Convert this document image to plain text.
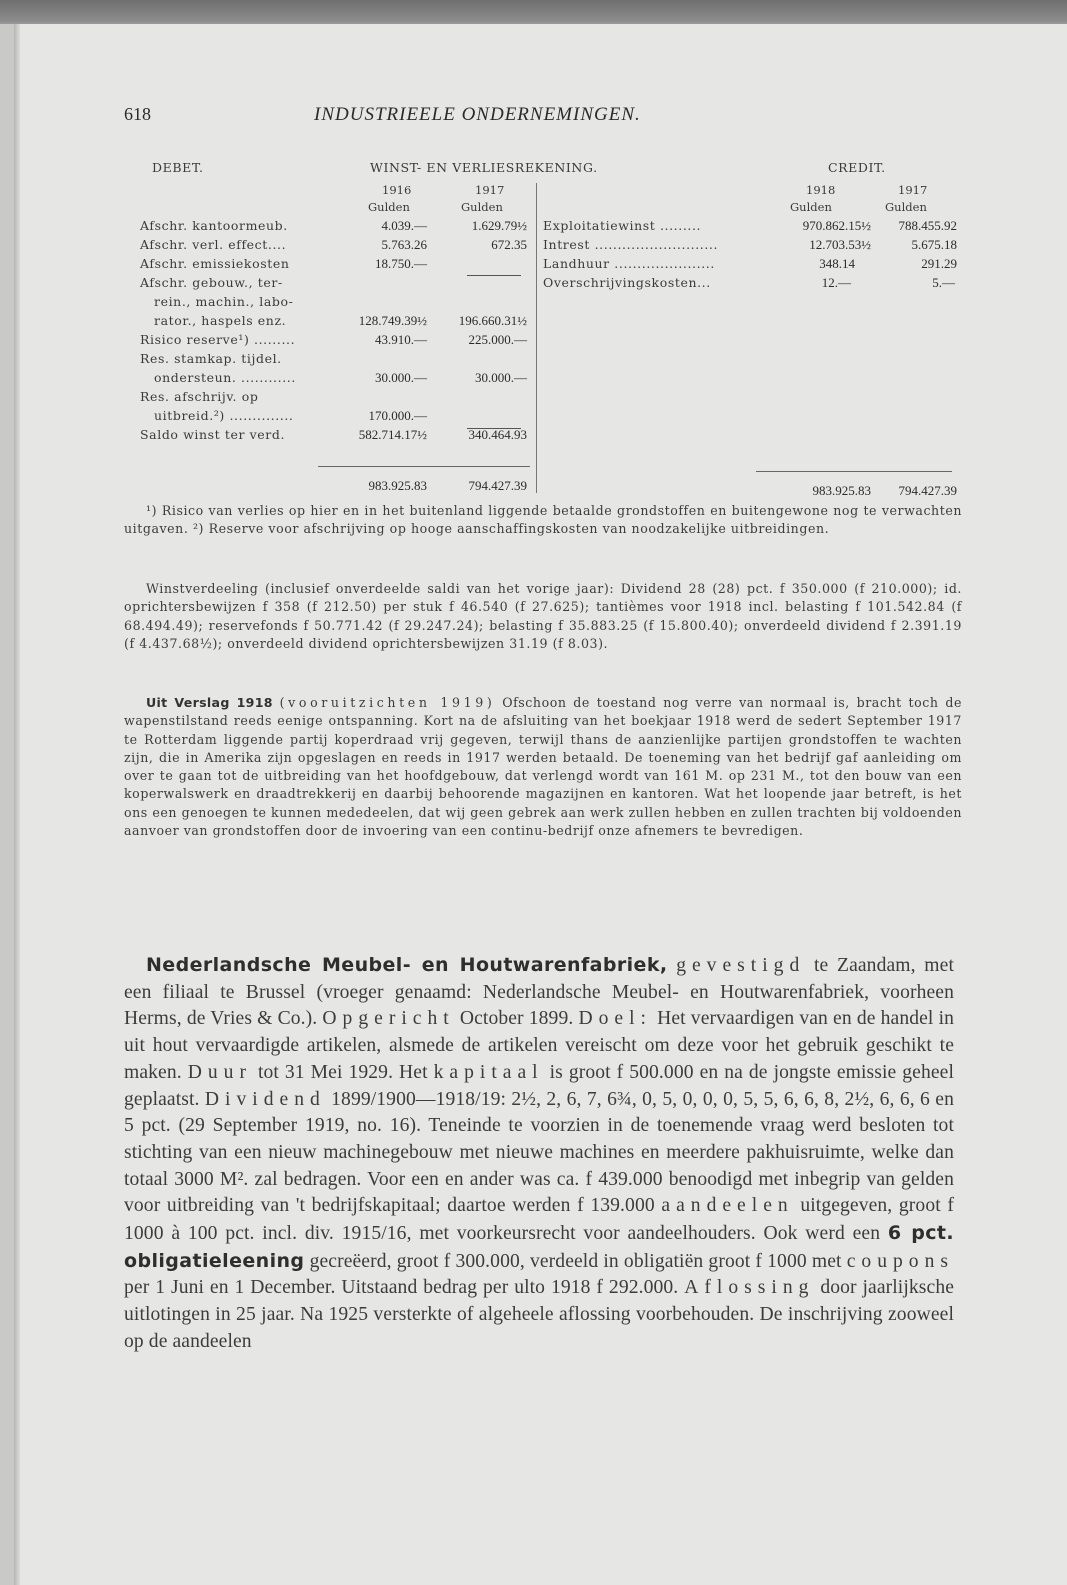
618	INDUSTRIEELE ONDERNEMINGEN.
DEBET.	WINST- EN VERLIESREKENING.	CREDIT.
1916	1917
Gulden	Gulden
1918	1917
Gulden	Gulden
Afschr. kantoormeub.	4.039.—	1.629.79½
Afschr. verl. effect....	5.763.26	672.35
Afschr. emissiekosten	18.750.—
Afschr. gebouw., ter-
rein., machin., labo-
rator., haspels enz.	128.749.39½ 196.660.31½
Risico reserve¹) .........	43.910.—	225.000.—
Res. stamkap. tijdel.
ondersteun. ............	30.000.—	30.000.—
Res. afschrijv. op
uitbreid.²) ..............	170.000.—
Saldo winst ter verd.	582.714.17½	340.464.93
983.925.83	794.427.39
Exploitatiewinst .........	970.862.15½ 788.455.92
Intrest ...........................	12.703.53½	5.675.18
Landhuur ......................	348.14	291.29
Overschrijvingskosten...	12.—	5.—
983.925.83 794.427.39

¹) Risico van verlies op hier en in het buitenland liggende betaalde grondstoffen en buitengewone nog te verwachten uitgaven. ²) Reserve voor afschrijving op hooge aanschaffingskosten van noodzakelijke uitbreidingen.

Winstverdeeling (inclusief onverdeelde saldi van het vorige jaar): Dividend 28 (28) pct. f 350.000 (f 210.000); id. oprichtersbewijzen f 358 (f 212.50) per stuk f 46.540 (f 27.625); tantièmes voor 1918 incl. belasting f 101.542.84 (f 68.494.49); reservefonds f 50.771.42 (f 29.247.24); belasting f 35.883.25 (f 15.800.40); onverdeeld dividend f 2.391.19 (f 4.437.68½); onverdeeld dividend oprichtersbewijzen 31.19 (f 8.03).

Uit Verslag 1918 (vooruitzichten 1919) Ofschoon de toestand nog verre van normaal is, bracht toch de wapenstilstand reeds eenige ontspanning. Kort na de afsluiting van het boekjaar 1918 werd de sedert September 1917 te Rotterdam liggende partij koperdraad vrij gegeven, terwijl thans de aanzienlijke partijen grondstoffen te wachten zijn, die in Amerika zijn opgeslagen en reeds in 1917 werden betaald. De toeneming van het bedrijf gaf aanleiding om over te gaan tot de uitbreiding van het hoofdgebouw, dat verlengd wordt van 161 M. op 231 M., tot den bouw van een koperwalswerk en draadtrekkerij en daarbij behoorende magazijnen en kantoren. Wat het loopende jaar betreft, is het ons een genoegen te kunnen mededeelen, dat wij geen gebrek aan werk zullen hebben en zullen trachten bij voldoenden aanvoer van grondstoffen door de invoering van een continu-bedrijf onze afnemers te bevredigen.

Nederlandsche Meubel- en Houtwarenfabriek, gevestigd te Zaandam, met een filiaal te Brussel (vroeger genaamd: Nederlandsche Meubel- en Houtwarenfabriek, voorheen Herms, de Vries & Co.). Opgericht October 1899. Doel: Het vervaardigen van en de handel in uit hout vervaardigde artikelen, alsmede de artikelen vereischt om deze voor het gebruik geschikt te maken. Duur tot 31 Mei 1929. Het kapitaal is groot f 500.000 en na de jongste emissie geheel geplaatst. Dividend 1899/1900—1918/19: 2½, 2, 6, 7, 6¾, 0, 5, 0, 0, 0, 5, 5, 6, 6, 8, 2½, 6, 6, 6 en 5 pct. (29 September 1919, no. 16). Teneinde te voorzien in de toenemende vraag werd besloten tot stichting van een nieuw machinegebouw met nieuwe machines en meerdere pakhuisruimte, welke dan totaal 3000 M². zal bedragen. Voor een en ander was ca. f 439.000 benoodigd met inbegrip van gelden voor uitbreiding van 't bedrijfskapitaal; daartoe werden f 139.000 aandeelen uitgegeven, groot f 1000 à 100 pct. incl. div. 1915/16, met voorkeursrecht voor aandeelhouders. Ook werd een 6 pct. obligatieleening gecreëerd, groot f 300.000, verdeeld in obligatiën groot f 1000 met coupons per 1 Juni en 1 December. Uitstaand bedrag per ulto 1918 f 292.000. Aflossing door jaarlijksche uitlotingen in 25 jaar. Na 1925 versterkte of algeheele aflossing voorbehouden. De inschrijving zooweel op de aandeelen
